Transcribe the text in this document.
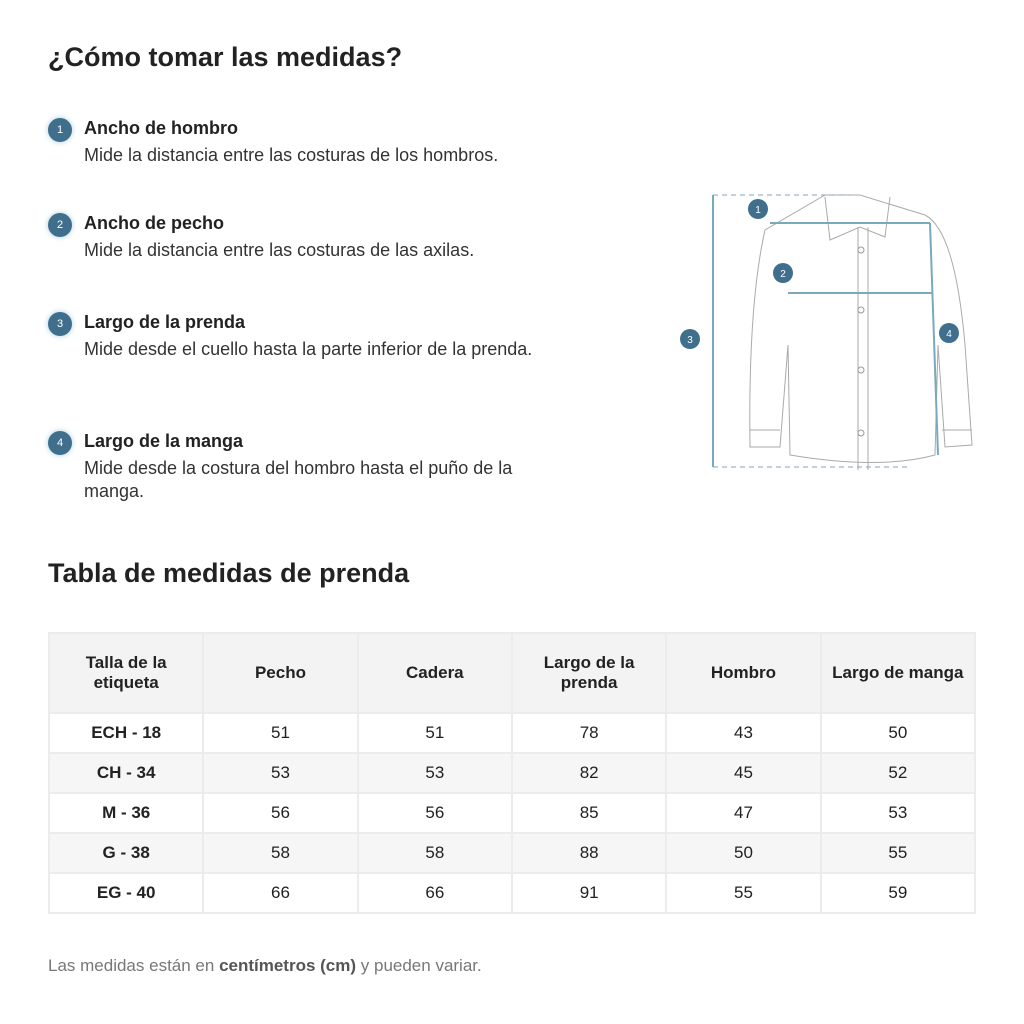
¿Cómo tomar las medidas?
1	Ancho de hombro
Mide la distancia entre las costuras de los hombros.
2	Ancho de pecho
Mide la distancia entre las costuras de las axilas.
3	Largo de la prenda
Mide desde el cuello hasta la parte inferior de la prenda.
4	Largo de la manga
Mide desde la costura del hombro hasta el puño de la manga.
1
2
3
4
Tabla de medidas de prenda
Talla de la etiqueta	Pecho	Cadera	Largo de la prenda	Hombro	Largo de manga
ECH - 18	51	51	78	43	50
CH - 34	53	53	82	45	52
M - 36	56	56	85	47	53
G - 38	58	58	88	50	55
EG - 40	66	66	91	55	59
Las medidas están en centímetros (cm) y pueden variar.
